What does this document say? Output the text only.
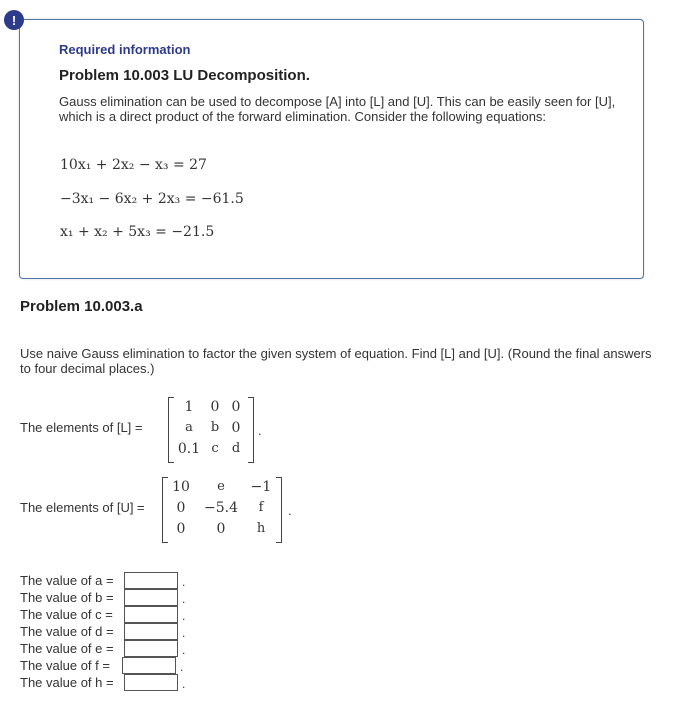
!
Required information
Problem 10.003 LU Decomposition.
Gauss elimination can be used to decompose [A] into [L] and [U]. This can be easily seen for [U], which is a direct product of the forward elimination. Consider the following equations:
10x₁ + 2x₂ − x₃ = 27
−3x₁ − 6x₂ + 2x₃ = −61.5
x₁ + x₂ + 5x₃ = −21.5
Problem 10.003.a
Use naive Gauss elimination to factor the given system of equation. Find [L] and [U]. (Round the final answers to four decimal places.)
The elements of [L] =
1	0 0
a	b 0
0.1 c	d
.
The elements of [U] =
10	e	−1
0	−5.4	f
0	0	h
.
The value of a =	.
The value of b =	.
The value of c =	.
The value of d =	.
The value of e =	.
The value of f =	.
The value of h =	.
